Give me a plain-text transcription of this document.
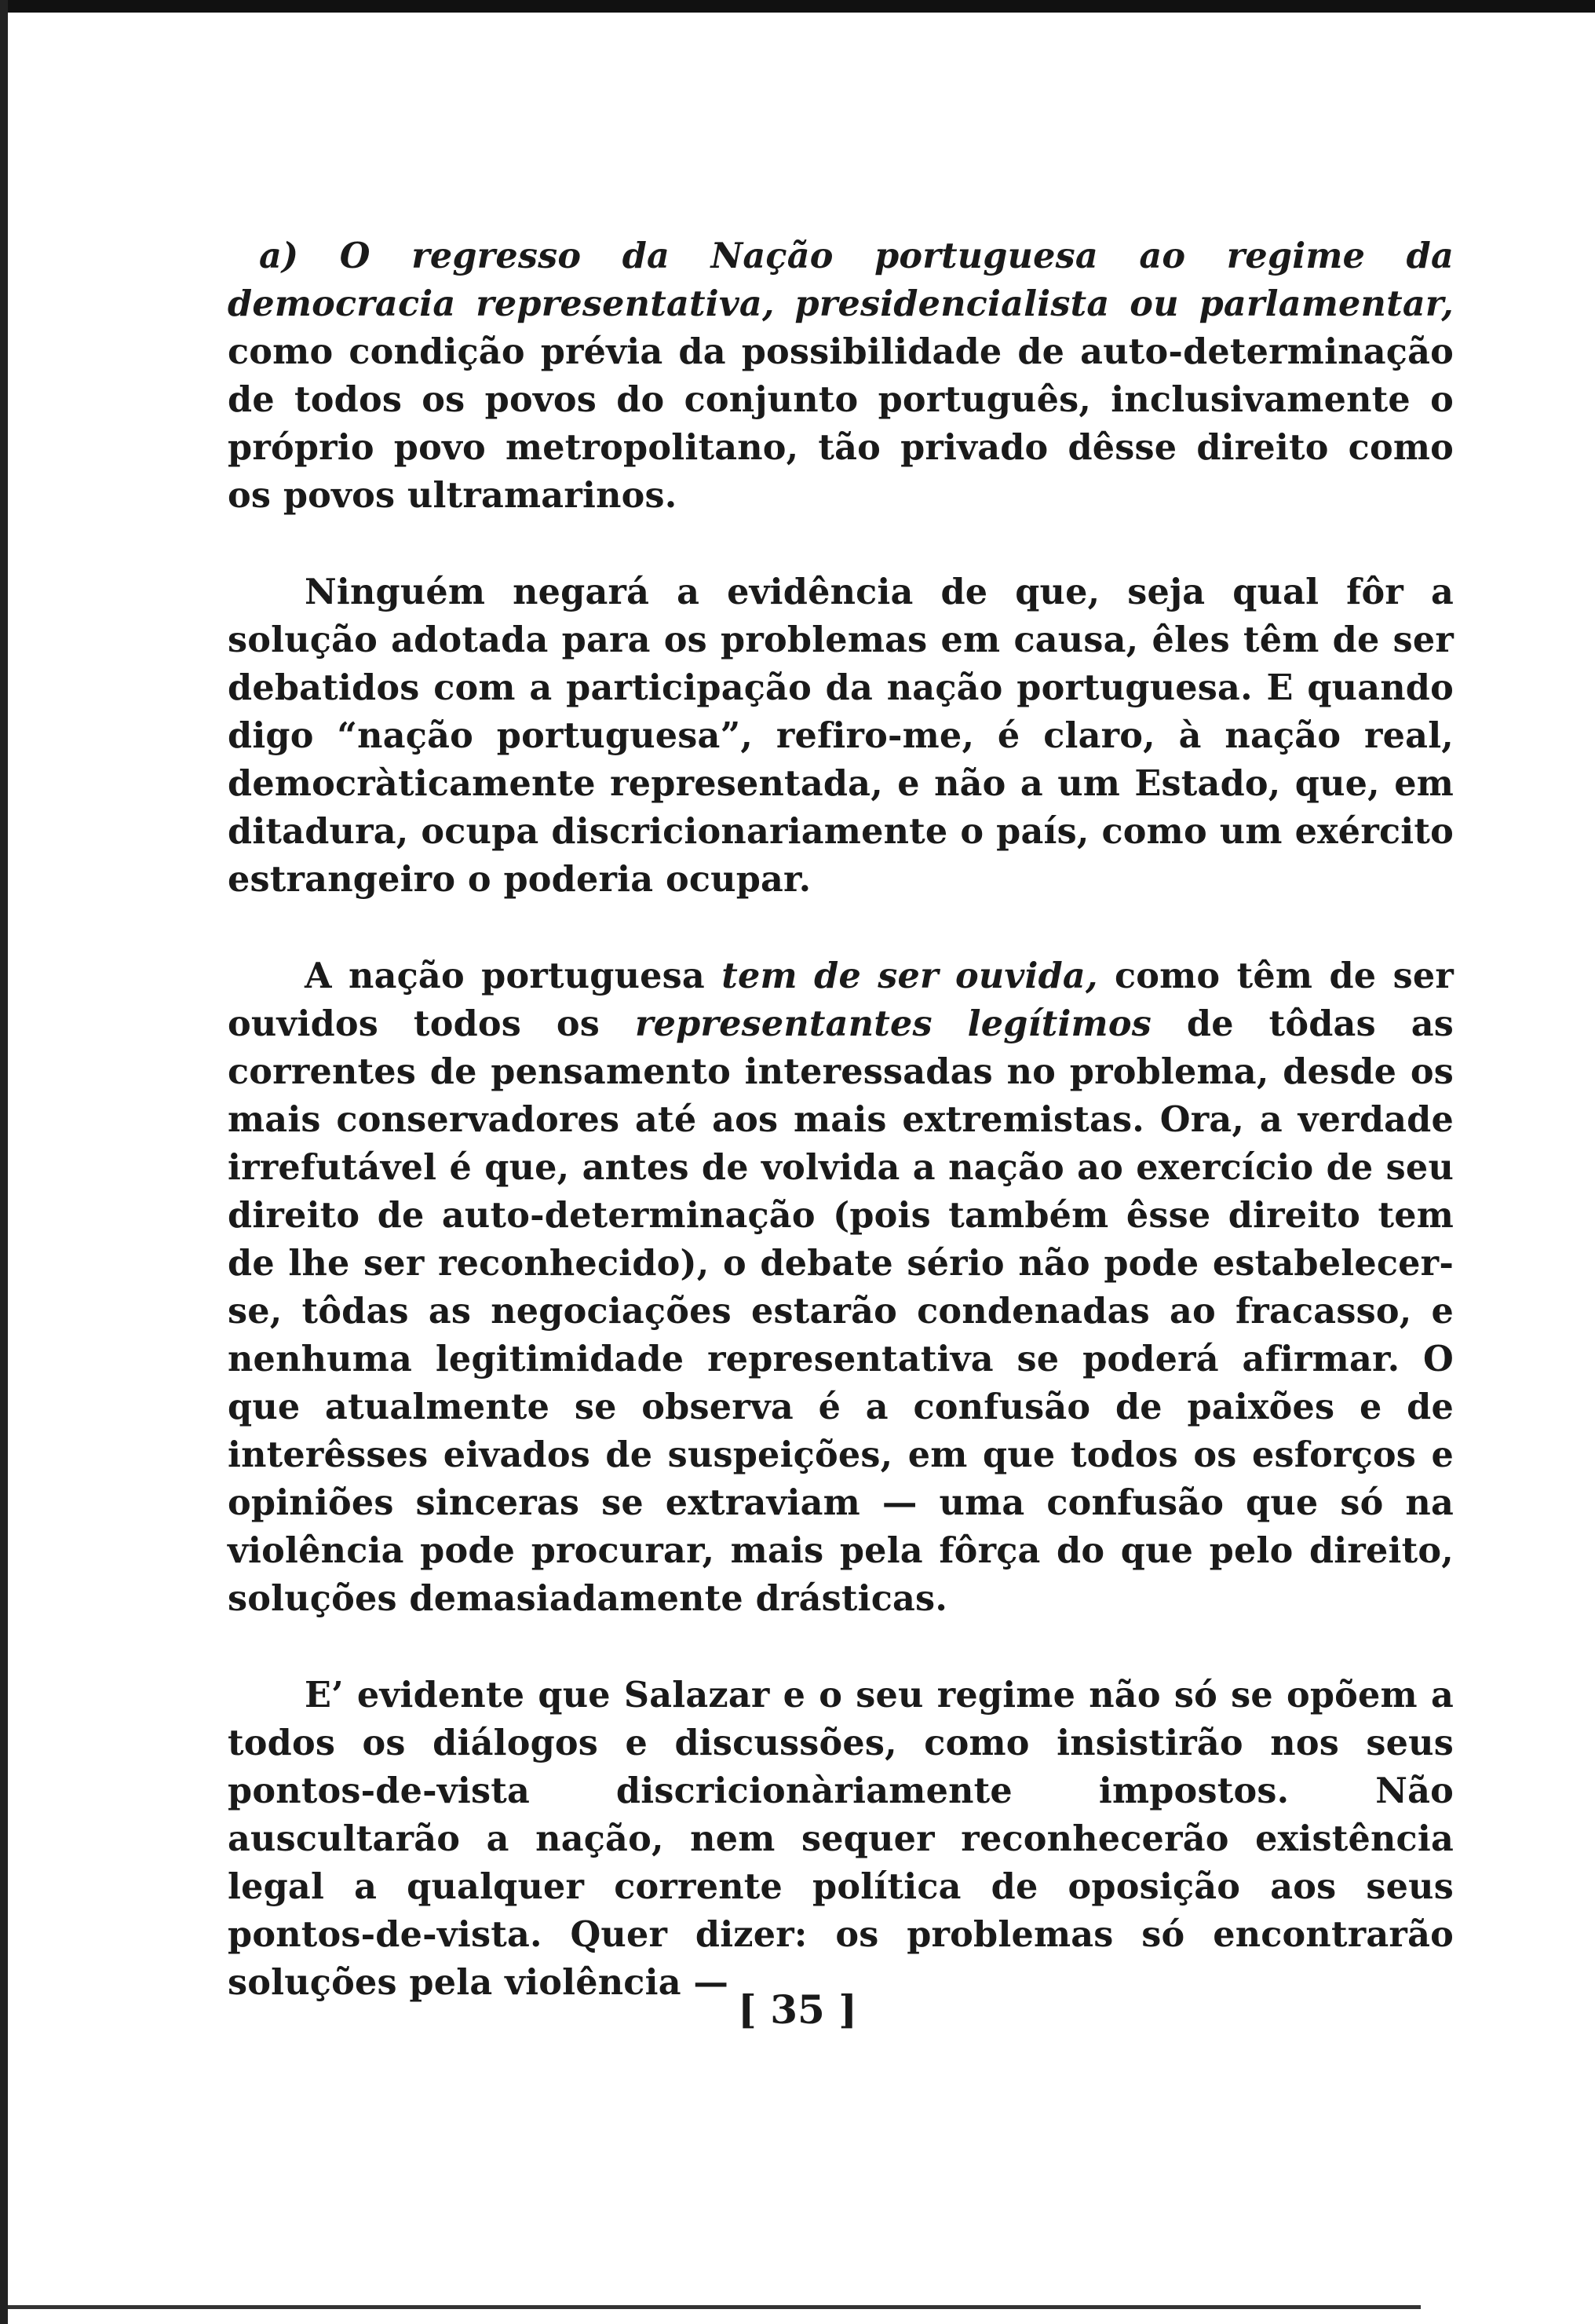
a) O regresso da Nação portuguesa ao regime da democracia representativa, presidencialista ou parlamentar, como condição prévia da possibilidade de auto-determinação de todos os povos do conjunto português, inclusivamente o próprio povo metropolitano, tão privado dêsse direito como os povos ultramarinos.

Ninguém negará a evidência de que, seja qual fôr a solução adotada para os problemas em causa, êles têm de ser debatidos com a participação da nação portuguesa. E quando digo “nação portuguesa”, refiro-me, é claro, à nação real, democràticamente representada, e não a um Estado, que, em ditadura, ocupa discricionariamente o país, como um exército estrangeiro o poderia ocupar.

A nação portuguesa tem de ser ouvida, como têm de ser ouvidos todos os representantes legítimos de tôdas as correntes de pensamento interessadas no problema, desde os mais conservadores até aos mais extremistas. Ora, a verdade irrefutável é que, antes de volvida a nação ao exercício de seu direito de auto-determinação (pois também êsse direito tem de lhe ser reconhecido), o debate sério não pode estabelecer-se, tôdas as negociações estarão condenadas ao fracasso, e nenhuma legitimidade representativa se poderá afirmar. O que atualmente se observa é a confusão de paixões e de interêsses eivados de suspeições, em que todos os esforços e opiniões sinceras se extraviam — uma confusão que só na violência pode procurar, mais pela fôrça do que pelo direito, soluções demasiadamente drásticas.

E’ evidente que Salazar e o seu regime não só se opõem a todos os diálogos e discussões, como insistirão nos seus pontos-de-vista discricionàriamente impostos. Não auscultarão a nação, nem sequer reconhecerão existência legal a qualquer corrente política de oposição aos seus pontos-de-vista. Quer dizer: os problemas só encontrarão soluções pela violência —

[ 35 ]
